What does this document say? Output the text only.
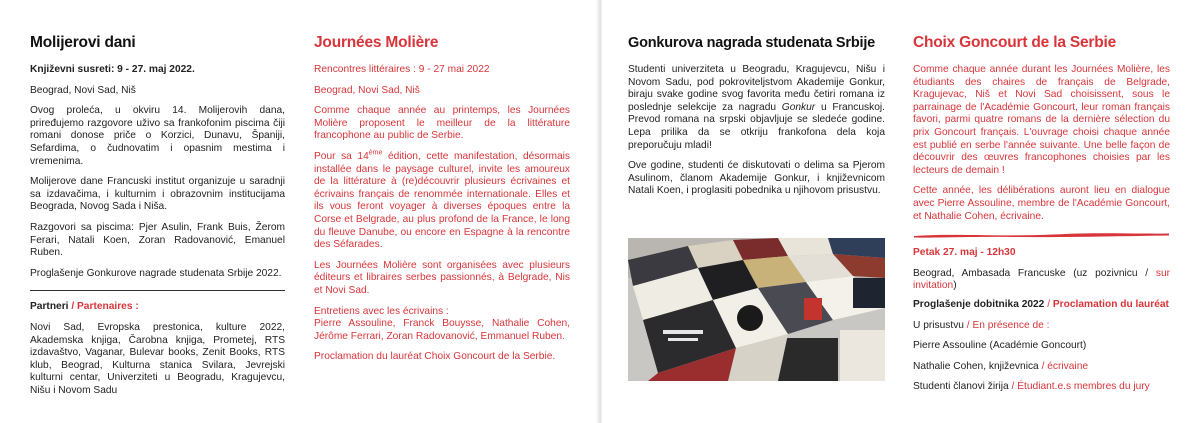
Molijerovi dani

Književni susreti: 9 - 27. maj 2022.

Beograd, Novi Sad, Niš

Ovog proleća, u okviru 14. Molijerovih dana, priređujemo razgovore uživo sa frankofonim piscima čiji romani donose priče o Korzici, Dunavu, Španiji, Sefardima, o čudnovatim i opasnim mestima i vremenima.

Molijerove dane Francuski institut organizuje u saradnji sa izdavačima, i kulturnim i obrazovnim institucijama Beograda, Novog Sada i Niša.

Razgovori sa piscima: Pjer Asulin, Frank Buis, Žerom Ferari, Natali Koen, Zoran Radovanović, Emanuel Ruben.

Proglašenje Gonkurove nagrade studenata Srbije 2022.

Partneri / Partenaires :

Novi Sad, Evropska prestonica, kulture 2022, Akademska knjiga, Čarobna knjiga, Prometej, RTS izdavaštvo, Vaganar, Bulevar books, Zenit Books, RTS klub, Beograd, Kulturna stanica Svilara, Jevrejski kulturni centar, Univerziteti u Beogradu, Kragujevcu, Nišu i Novom Sadu

Journées Molière

Rencontres littéraires : 9 - 27 mai 2022

Beograd, Novi Sad, Niš

Comme chaque année au printemps, les Journées Molière proposent le meilleur de la littérature francophone au public de Serbie.

Pour sa 14ème édition, cette manifestation, désormais installée dans le paysage culturel, invite les amoureux de la littérature à (re)découvrir plusieurs écrivaines et écrivains français de renommée internationale. Elles et ils vous feront voyager à diverses époques entre la Corse et Belgrade, au plus profond de la France, le long du fleuve Danube, ou encore en Espagne à la rencontre des Séfarades.

Les Journées Molière sont organisées avec plusieurs éditeurs et libraires serbes passionnés, à Belgrade, Nis et Novi Sad.

Entretiens avec les écrivains :

Pierre Assouline, Franck Bouysse, Nathalie Cohen, Jérôme Ferrari, Zoran Radovanović, Emmanuel Ruben.

Proclamation du lauréat Choix Goncourt de la Serbie.

Gonkurova nagrada studenata Srbije

Studenti univerziteta u Beogradu, Kragujevcu, Nišu i Novom Sadu, pod pokroviteljstvom Akademije Gonkur, biraju svake godine svog favorita među četiri romana iz poslednje selekcije za nagradu Gonkur u Francuskoj. Prevod romana na srpski objavljuje se sledeće godine. Lepa prilika da se otkriju frankofona dela koja preporučuju mladi!

Ove godine, studenti će diskutovati o delima sa Pjerom Asulinom, članom Akademije Gonkur, i književnicom Natali Koen, i proglasiti pobednika u njihovom prisustvu.

Choix Goncourt de la Serbie

Comme chaque année durant les Journées Molière, les étudiants des chaires de français de Belgrade, Kragujevac, Niš et Novi Sad choisissent, sous le parrainage de l'Académie Goncourt, leur roman français favori, parmi quatre romans de la dernière sélection du prix Goncourt français. L'ouvrage choisi chaque année est publié en serbe l'année suivante. Une belle façon de découvrir des œuvres francophones choisies par les lecteurs de demain !

Cette année, les délibérations auront lieu en dialogue avec Pierre Assouline, membre de l'Académie Goncourt, et Nathalie Cohen, écrivaine.

Petak 27. maj - 12h30

Beograd, Ambasada Francuske (uz pozivnicu / sur invitation)

Proglašenje dobitnika 2022 / Proclamation du lauréat

U prisustvu / En présence de :

Pierre Assouline (Académie Goncourt)

Nathalie Cohen, književnica / écrivaine

Studenti članovi žirija / Étudiant.e.s membres du jury
